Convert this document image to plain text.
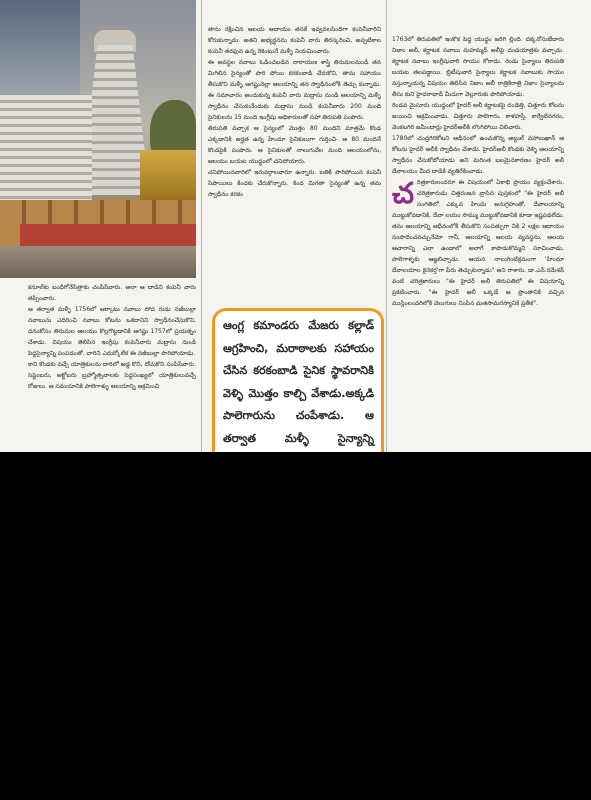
కనూల్‌కు బందీగోనేసేత్రాకు చంపేసేవారు. అలా ఆ దాడిని కంపెనీ వారు తప్పించారు.

ఆ తర్వాత మళ్ళీ 1756లో ఆర్కాటు నవాబు సోద రుడు నజీబుల్లా నవాబును ఎదిరించి నవాబు కోటను ఒకదానిని స్వాధీనంచేసుకొని, ధనంకోసం తిరుమల ఆలయం కొల్లగొట్టడానికి ఆగష్టు 1757లో ప్రయత్నం చేశాడు. విషయం తెలిసిన ఇంగ్లీషు కంపెనీవారు మద్రాసు నుండి పెద్దసైన్యాన్ని పంపడంతో, వారిని ఎదుర్కోలేక ఈ నజీబుల్లా పారిపోయాడు.

కాని కొండకు వచ్చే యాత్రికులను దారిలో అడ్డ కొని, దోచుకొని సంపేసేవారు. సెప్టెంబరు, అక్టోబరు బ్రహ్మోత్సవాలకు పెద్దసంఖ్యలో యాత్రికులువచ్చే రోజులు. ఆ సమయానికి పాలెగాళ్ళు ఆలయాన్ని ఆక్రమించి

తాను రక్షించిన ఆలయ ఆదాయం తనకే ఇవ్వవలసిందిగా కంపెనీవారిని కోరుకున్నాడు. అతని అభ్యర్థనను కంపెనీ వారు తిరస్కరించి, అప్పటికాల కంపెనీ తరఫున ఉన్న రెకెంటునే మళ్ళీ నియమించారు.

ఈ అవస్థల నవాబు ఓడించబడిన నారాయణ శాస్త్రి తిరుమలనుండి తన మిగిలిన సైన్యంతో పారి పోయి కరకంబాడి చేరుకొని, తాను సహాయం తీసుకొని మళ్ళీ ఆగష్టునెల్లా ఆలయాన్ని తన స్వాధీనంలోకి తెచ్చు కున్నాడు. ఈ సమాచారం అందుకున్న కంపెనీ వారు మద్రాసు నుండి ఆలయాన్ని మళ్ళీ స్వాధీనం చేసుకునేందుకు మద్రాసు నుండి కంపెనీవారు 200 మంది సైనికులను 15 మంది ఇంగ్లీషు అధికారులతో సహా తిరుపతి పంపారు.

తిరుపతి వచ్చాక ఆ సైన్యంలో మొత్తం 80 మందిని మాత్రమే కొండ ఎక్కడానికి అర్హత ఉన్న హిందూ సైనికులుగా గుర్తించి- ఆ 80 మందినే కొండపైకి పంపారు. ఆ సైనికులతో నాలుగువేల మంది ఆలయంలోను, ఆలయం బయట యుద్ధంలో చనిపోయారు.

చనిపోయినవారిలో ఇరువర్గాలవారూ ఉన్నారు. బతికి పారిపోయిన కంపెనీ సిపాయిలు కిందకు చేరుకొన్నారు. కింద మిగతా సైన్యంతో ఉన్న తమ స్వాధీనం కరకం

ఆంగ్ల కమాండరు మేజరు కల్లాడ్ ఆగ్రహించి, మరాఠాలకు సహాయం చేసిన కరకంబాడి సైనిక స్థావరానికి వెళ్ళి మొత్తం కాల్చి వేశాడు.అక్కడి పాలెగారును చంపేశాడు. ఆ తర్వాత మళ్ళీ సైన్యాన్ని

1763లో తిరుపతిలో ఇంకొక పెద్ద యుద్ధం జరిగి ల్లింది. దక్కనోసుబేదారు నిజాం అలీ, కర్ణాటక నవాబు మహమ్మద్ అలీపై దండయాత్రకు వచ్చాడు. కర్ణాటక నవాబు ఇంగ్లీషువారి సాయం కోరాడు. రెండు సైన్యాలు తిరుపతి బయట తలపడ్డాయి. బ్రిటీషువారి సైన్యాలు కర్ణాటక నవాబుకు సాయం వస్తున్నాయన్న విషయం తెలిసిన నిజాం అలీ రాత్రికిరాత్రి నిజాం సైన్యాలను తీసు కుని హైదరాబాద్ మీదుగా వెల్లూరుకు పారిపోయాడు.

రెండవ మైసూరు యుద్ధంలో హైదర్ అలీ కర్ణాటకపై దండెత్తి, చిత్తూరు కోటను జయించి ఆక్రమించాడు. చిత్తూరు పాలెగారు, కాళహస్తి, కార్వేటినగరం, వెంకటగిరి జమీందార్లు హైదర్‌అలీకి లొంగిపోయి విలిచారు.

1780లో చంద్రగిరికోటని ఆధీనంలో ఉంచుకొన్న అబ్దుల్ వహాబుఖాన్ ఆ కోటను హైదర్ అలీకి స్వాధీనం చేశాడు. హైదర్‌అలీ కొండకు వెళ్ళి ఆలయాన్ని స్వాధీనం చేసుకోబోయాడు అని మరింత బలమైనకారణం హైదర్ అలీ దేవాలయం మీద దాడికి వ్యతిరేకించాడు.

చరిత్రకారులందరూ ఈ విషయంలో ఏకాభి ప్రాయం వ్యక్తంచేశారు. చరిత్రకారుడు చిత్తరంజన వ్రాసిన పుస్తకంలో "ఈ హైదర్ అలీ సంగతిలో ఎక్కువ హిందు అనుగ్రహంతో, దేవాలయాన్ని ముట్టుకోవడానికి, దేవా లయం సొమ్ము ముట్టుకోవడానికి కూడా ఇష్టపడలేదు.

తను ఆలయాన్ని ఆధీనంలోకి తీసుకొని సంపత్ఫుగా నికి 2 లక్షల ఆదాయం సంపాదించవచ్చునేమో గానీ, ఆలయాన్ని ఆలయ వ్యవస్థను, ఆలయ ఆచారాన్ని ఎలా ఉండాలో అలాగే కాపాడుకొమ్మని సూచించాడు, పాలెగాళ్ళకు ఆజ్ఞలిచ్చాడు. ఆయన నాలుగింటిక్రమంగా 'హిందూ దేవాలయాల కైనెకర్త'గా పేరు తెచ్చుకున్నాడు" అని రాశారు. డా.ఎన్.రమేశన్ వంటి చరిత్రకారులు "ఈ హైదర్ అలీ తిరుపతిలో ఈ విషయాన్ని ప్రకటించారు. "ఈ హైదర్ అలీ ఒక్కడే ఆ ప్రాంతానికి వచ్చిన ముస్లింలందరిలోకి వెలుగులు నింపిన మతసామరస్యానికి ప్రతీక".
